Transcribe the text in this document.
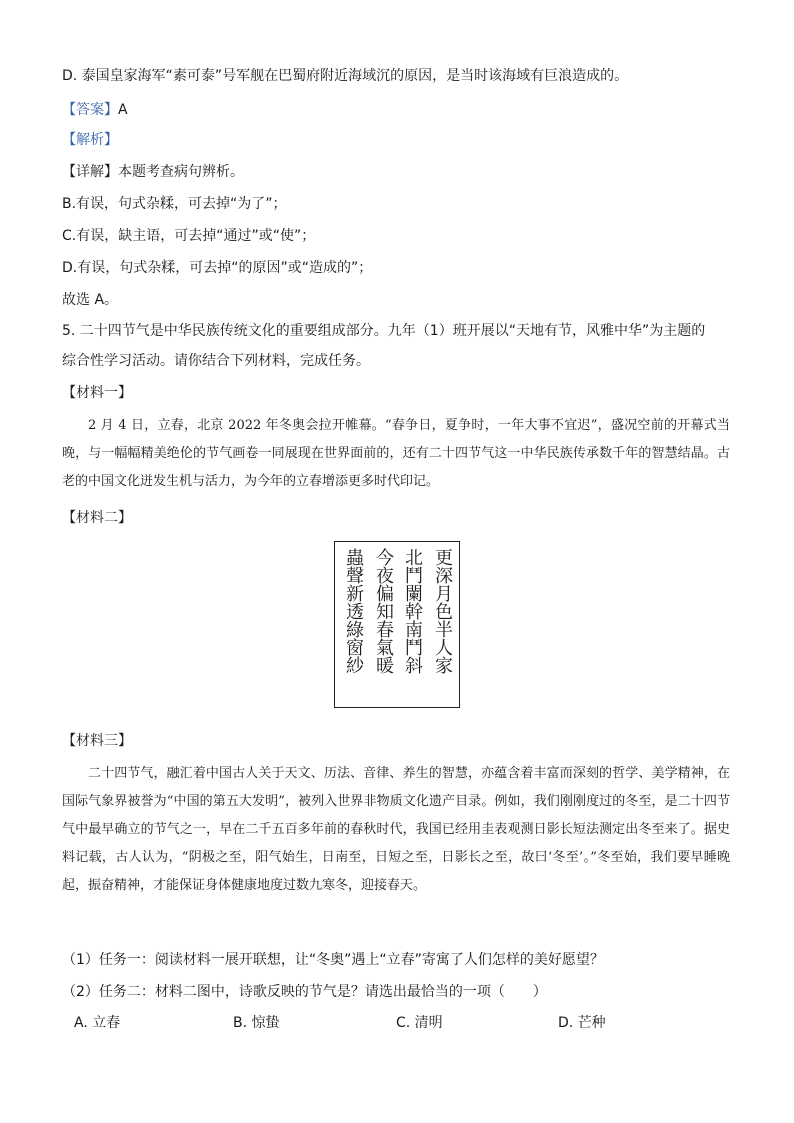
D. 泰国皇家海军“素可泰”号军舰在巴蜀府附近海域沉的原因，是当时该海域有巨浪造成的。
【答案】A
【解析】
【详解】本题考查病句辨析。
B.有误，句式杂糅，可去掉“为了”；
C.有误，缺主语，可去掉“通过”或“使”；
D.有误，句式杂糅，可去掉“的原因”或“造成的”；
故选 A。
5. 二十四节气是中华民族传统文化的重要组成部分。九年（1）班开展以“天地有节，风雅中华”为主题的
综合性学习活动。请你结合下列材料，完成任务。
【材料一】

2 月 4 日，立春，北京 2022 年冬奥会拉开帷幕。“春争日，夏争时，一年大事不宜迟”，盛况空前的开幕式当晚，与一幅幅精美绝伦的节气画卷一同展现在世界面前的，还有二十四节气这一中华民族传承数千年的智慧结晶。古老的中国文化迸发生机与活力，为今年的立春增添更多时代印记。

【材料二】
更深月色半人家
北鬥闌幹南鬥斜
今夜偏知春氣暖
蟲聲新透綠窗紗
【材料三】

二十四节气，融汇着中国古人关于天文、历法、音律、养生的智慧，亦蕴含着丰富而深刻的哲学、美学精神，在国际气象界被誉为“中国的第五大发明”，被列入世界非物质文化遗产目录。例如，我们刚刚度过的冬至，是二十四节气中最早确立的节气之一，早在二千五百多年前的春秋时代，我国已经用圭表观测日影长短法测定出冬至来了。据史料记载，古人认为，“阴极之至，阳气始生，日南至，日短之至，日影长之至，故曰‘冬至’。”冬至始，我们要早睡晚起，振奋精神，才能保证身体健康地度过数九寒冬，迎接春天。

（1）任务一：阅读材料一展开联想，让“冬奥”遇上“立春”寄寓了人们怎样的美好愿望？
（2）任务二：材料二图中，诗歌反映的节气是？请选出最恰当的一项（　　）
A. 立春	B. 惊蛰	C. 清明	D. 芒种
